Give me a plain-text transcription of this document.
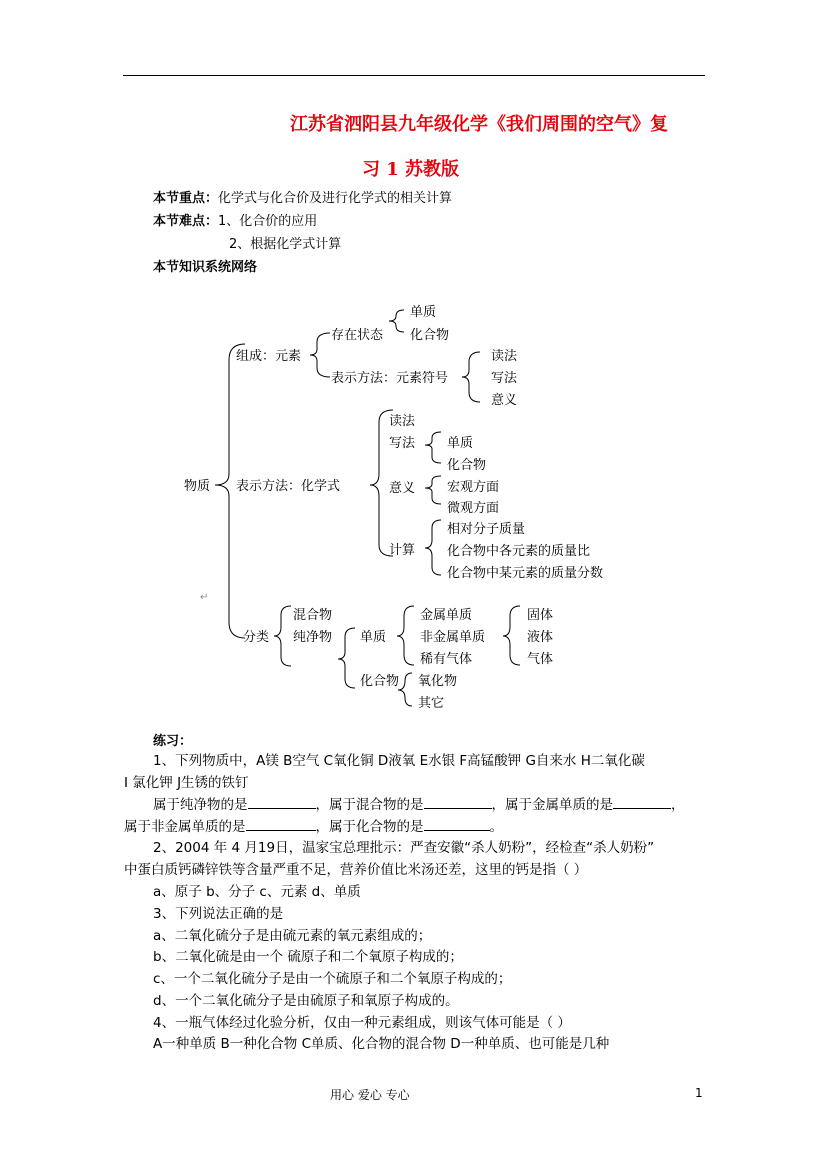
江苏省泗阳县九年级化学《我们周围的空气》复
习 1 苏教版
本节重点：化学式与化合价及进行化学式的相关计算
本节难点：1、化合价的应用
2、根据化学式计算
本节知识系统网络
物质
组成：元素
存在状态
单质
化合物
表示方法：元素符号
读法
写法
意义
表示方法：化学式
读法
写法 单质
化合物
意义 宏观方面
微观方面
计算
相对分子质量
化合物中各元素的质量比
化合物中某元素的质量分数
分类
混合物
纯净物 单质
金属单质
非金属单质
稀有气体
固体
液体
气体
化合物 氧化物
其它
↵
练习：
1、下列物质中，A镁 B空气 C氧化铜 D液氧 E水银 F高锰酸钾 G自来水 H二氧化碳
I 氯化钾 J生锈的铁钉
属于纯净物的是	，属于混合物的是	，属于金属单质的是	，
属于非金属单质的是	，属于化合物的是	。
2、2004 年 4 月19日，温家宝总理批示：严查安徽“杀人奶粉”，经检查“杀人奶粉”
中蛋白质钙磷锌铁等含量严重不足，营养价值比米汤还差，这里的钙是指（ ）
a、原子 b、分子 c、元素 d、单质
3、下列说法正确的是
a、二氧化硫分子是由硫元素的氧元素组成的；
b、二氧化硫是由一个 硫原子和二个氧原子构成的；
c、一个二氧化硫分子是由一个硫原子和二个氧原子构成的；
d、一个二氧化硫分子是由硫原子和氧原子构成的。
4、一瓶气体经过化验分析，仅由一种元素组成，则该气体可能是（ ）
A一种单质 B一种化合物 C单质、化合物的混合物 D一种单质、也可能是几种
用心 爱心 专心	1
